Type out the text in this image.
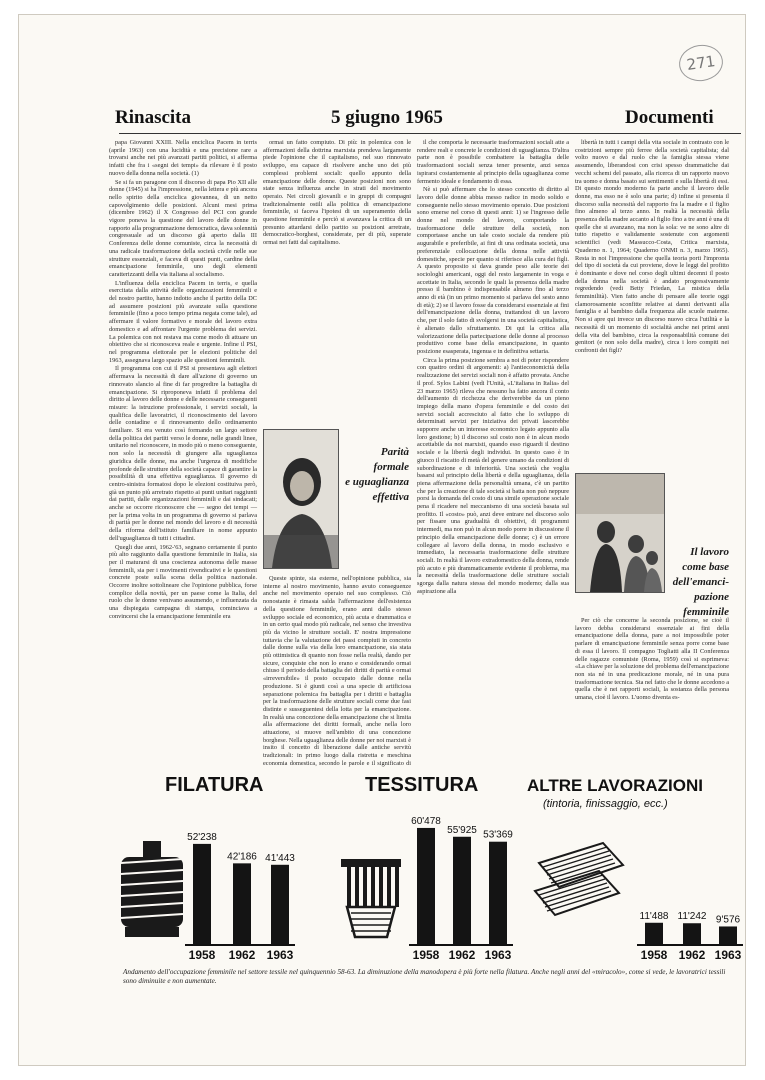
271
Rinascita	5 giugno 1965	Documenti

papa Giovanni XXIII. Nella enciclica Pacem in terris (aprile 1963) con una lucidità e una precisione rare a trovarsi anche nei più avanzati partiti politici, si afferma infatti che fra i «segni dei tempi» da rilevare è il posto nuovo della donna nella società. (1)

Se si fa un paragone con il discorso di papa Pio XII alle donne (1945) si ha l'impressione, nella lettera e più ancora nello spirito della enciclica giovannea, di un netto capovolgimento delle posizioni. Alcuni mesi prima (dicembre 1962) il X Congresso del PCI con grande vigore poneva la questione del lavoro delle donne in rapporto alla programmazione democratica, dava solennità congressuale ad un discorso già aperto dalla III Conferenza delle donne comuniste, circa la necessità di una radicale trasformazione della società civile nelle sue strutture essenziali, e faceva di questi punti, cardine della emancipazione femminile, uno degli elementi caratterizzanti della via italiana al socialismo.

L'influenza della enciclica Pacem in terris, e quella esercitata dalla attività delle organizzazioni femminili e del nostro partito, hanno indotto anche il partito della DC ad assumere posizioni più avanzate sulla questione femminile (fino a poco tempo prima negata come tale), ad affermare il valore formativo e morale del lavoro extra domestico e ad affrontare l'urgente problema dei servizi. La polemica con noi restava ma come modo di attuare un obiettivo che si riconosceva reale e urgente. Infine il PSI, nel programma elettorale per le elezioni politiche del 1963, assegnava largo spazio alle questioni femminili.

Il programma con cui il PSI si presentava agli elettori affermava la necessità di dare all'azione di governo un rinnovato slancio al fine di far progredire la battaglia di emancipazione. Si riproponeva infatti il problema del diritto al lavoro delle donne e delle necessarie conseguenti misure: la istruzione professionale, i servizi sociali, la qualifica delle lavoratrici, il riconoscimento del lavoro delle contadine e il rinnovamento dello ordinamento familiare. Si era venuto così formando un largo settore della politica dei partiti verso le donne, nelle grandi linee, unitario nel riconoscere, in modo più o meno conseguente, non solo la necessità di giungere alla uguaglianza giuridica delle donne, ma anche l'urgenza di modifiche profonde delle strutture della società capace di garantire la possibilità di una effettiva eguaglianza. Il governo di centro-sinistra formatosi dopo le elezioni costituiva però, già un punto più arretrato rispetto ai punti unitari raggiunti dai partiti, dalle organizzazioni femminili e dai sindacati; anche se occorre riconoscere che — segno dei tempi — per la prima volta in un programma di governo si parlava di parità per le donne nel mondo del lavoro e di necessità della riforma dell'istituto familiare in nome appunto dell'uguaglianza di tutti i cittadini.

Quegli due anni, 1962-'63, segnano certamente il punto più alto raggiunto dalla questione femminile in Italia, sia per il maturarsi di una coscienza autonoma delle masse femminili, sia per i movimenti rivendicativi e le questioni concrete poste sulla scena della politica nazionale. Occorre inoltre sottolineare che l'opinione pubblica, forse complice della novità, per un paese come la Italia, del ruolo che le donne venivano assumendo, e influenzata da una dispiegata campagna di stampa, cominciava a convincersi che la emancipazione femminile era

ormai un fatto compiuto. Di più: in polemica con le affermazioni della dottrina marxista prendeva largamente piede l'opinione che il capitalismo, nel suo rinnovato sviluppo, era capace di risolvere anche uno dei più complessi problemi sociali: quello appunto della emancipazione delle donne. Queste posizioni non sono state senza influenza anche in strati del movimento operaio. Nei circoli giovanili e in gruppi di compagni tradizionalmente ostili alla politica di emancipazione femminile, si faceva l'ipotesi di un superamento della questione femminile e perciò si avanzava la critica di un presunto attardarsi dello partito su posizioni arretrate, democratico-borghesi, considerate, per di più, superate ormai nei fatti dal capitalismo.

Parità
formale
e uguaglianza
effettiva

Queste spinte, sia esterne, nell'opinione pubblica, sia interne al nostro movimento, hanno avuto conseguenze anche nel movimento operaio nel suo complesso. Ciò nonostante è rimasta salda l'affermazione dell'esistenza della questione femminile, erano anni dallo stesso sviluppo sociale ed economico, più acuta e drammatica e in un certo qual modo più radicale, nel senso che investiva più da vicino le strutture sociali. E' nostra impressione tuttavia che la valutazione dei passi compiuti in concreto dalle donne sulla via della loro emancipazione, sia stata più ottimistica di quanto non fosse nella realtà, dando per sicure, conquiste che non lo erano e considerando ormai chiuso il periodo della battaglia dei diritti di parità e ormai «irreversibile» il posto occupato dalle donne nella produzione. Si è giunti così a una specie di artificiosa separazione polemica fra battaglia per i diritti e battaglia per la trasformazione delle strutture sociali come due fasi distinte e susseguentesi della lotta per la emancipazione. In realtà una concezione della emancipazione che si limita alla affermazione dei diritti formali, anche nella loro attuazione, si muove nell'ambito di una concezione borghese. Nella uguaglianza delle donne per noi marxisti è insito il concetto di liberazione dalle antiche servitù tradizionali: in primo luogo dalla ristretta e meschina economia domestica, secondo le parole e il significato di

il che comporta le necessarie trasformazioni sociali atte a rendere reali e concrete le condizioni di uguaglianza. D'altra parte non è possibile combattere la battaglia delle trasformazioni sociali senza tener presente, anzi senza ispirarsi costantemente al principio della uguaglianza come fermento ideale e fondamento di essa.

Nè si può affermare che lo stesso concetto di diritto al lavoro delle donne abbia messo radice in modo solido e conseguente nello stesso movimento operaio. Due posizioni sono emerse nel corso di questi anni: 1) se l'ingresso delle donne nel mondo del lavoro, comportando la trasformazione delle strutture della società, non comportasse anche un tale costo sociale da rendere più augurabile e preferibile, ai fini di una ordinata società, una preferenziale collocazione della donna nelle attività domestiche, specie per quanto si riferisce alla cura dei figli. A questo proposito si dava grande peso alle teorie dei sociologhi americani, oggi del resto largamente in voga e accettate in Italia, secondo le quali la presenza della madre presso il bambino è indispensabile almeno fino al terzo anno di età (in un primo momento si parlava del sesto anno di età); 2) se il lavoro fosse da considerarsi essenziale ai fini dell'emancipazione della donna, trattandosi di un lavoro che, per il solo fatto di svolgersi in una società capitalistica, è alienato dallo sfruttamento. Di qui la critica alla valorizzazione della partecipazione delle donne al processo produttivo come base della emancipazione, in quanto posizione esasperata, ingenua e in definitiva settaria.

Circa la prima posizione sembra a noi di poter rispondere con quattro ordini di argomenti: a) l'antieconomicità della realizzazione dei servizi sociali non è affatto provata. Anche il prof. Sylos Labini (vedi l'Unità, «L'italiana in Italia» del 23 marzo 1965) rileva che nessuno ha fatto ancora il conto dell'aumento di ricchezza che deriverebbe da un pieno impiego della mano d'opera femminile e del costo dei servizi sociali accresciuto al fatto che lo sviluppo di determinati servizi per iniziativa dei privati lascerebbe supporre anche un interesse economico legato appunto alla loro gestione; b) il discorso sul costo non è in alcun modo accettabile da noi marxisti, quando esso riguardi il destino sociale e la libertà degli individui. In questo caso è in giuoco il riscatto di metà del genere umano da condizioni di subordinazione e di inferiorità. Una società che voglia basarsi sul principio della libertà e della uguaglianza, della piena affermazione della personalità umana, c'è un partito che per la creazione di tale società si batta non può neppure porsi la domanda del costo di una simile operazione sociale pena il ricadere nel meccanismo di una società basata sul profitto. Il «costo» può, anzi deve entrare nel discorso solo per fissare una gradualità di obiettivi, di programmi intermedi, ma non può in alcun modo porre in discussione il principio della emancipazione delle donne; c) è un errore collegare al lavoro della donna, in modo esclusivo e immediato, la necessaria trasformazione delle strutture sociali. In realtà il lavoro extradomestico della donna, rende più acuto e più drammaticamente evidente il problema, ma la necessità della trasformazione delle strutture sociali sgorga dalla natura stessa del mondo moderno; dalla sua aspirazione alla

libertà in tutti i campi della vita sociale in contrasto con le costrizioni sempre più ferree della società capitalista; dal volto nuovo e dal ruolo che la famiglia stessa viene assumendo, liberandosi con crisi spesso drammatiche dai vecchi schemi del passato, alla ricerca di un rapporto nuovo tra uomo e donna basato sui sentimenti e sulla libertà di essi. Di questo mondo moderno fa parte anche il lavoro delle donne, ma esso ne è solo una parte; d) infine si presenta il discorso sulla necessità del rapporto fra la madre e il figlio fino almeno al terzo anno. In realtà la necessità della presenza della madre accanto al figlio fino a tre anni è una di quelle che si avanzano, ma non la sola: ve ne sono altre di tutto rispetto e validamente sostenute con argomenti scientifici (vedi Massucco-Costa, Critica marxista, Quaderno n. 1, 1964; Quaderno ONMI n. 3, marzo 1965). Resta in noi l'impressione che quella teoria porti l'impronta del tipo di società da cui proviene, dove le leggi del profitto è dominante e dove nel corso degli ultimi decenni il posto della donna nella società è andato progressivamente regredendo (vedi Betty Friedan, La mistica della femminilità). Vien fatto anche di pensare alle teorie oggi clamorosamente sconfitte relative ai danni derivanti alla famiglia e al bambino dalla frequenza alle scuole materne. Non si apre qui invece un discorso nuovo circa l'utilità e la necessità di un momento di socialità anche nei primi anni della vita del bambino, circa la responsabilità comune dei genitori (e non solo della madre), circa i loro compiti nei confronti dei figli?

Il lavoro
come base
dell'emanci-
pazione
femminile

Per ciò che concerne la seconda posizione, se cioè il lavoro debba considerarsi essenziale ai fini della emancipazione della donna, pare a noi impossibile poter parlare di emancipazione femminile senza porre come base di essa il lavoro. Il compagno Togliatti alla II Conferenza delle ragazze comuniste (Roma, 1959) così si esprimeva: «La chiave per la soluzione del problema dell'emancipazione non sta né in una predicazione morale, né in una pura trasformazione tecnica. Sta nel fatto che le donne accedono a quella che è nei rapporti sociali, la sostanza della persona umana, cioè il lavoro. L'uomo diventa es-

FILATURA
52'238
1958
42'186
1962
41'443
1963
TESSITURA
60'478
1958
55'925
1962
53'369
1963
ALTRE LAVORAZIONI
(tintoria, finissaggio, ecc.)
11'488
1958
11'242
1962
9'576
1963
Andamento dell'occupazione femminile nel settore tessile nel quinquennio 58-63. La diminuzione della manodopera è più forte nella filatura. Anche negli anni del «miracolo», come si vede, le lavoratrici tessili sono diminuite e non aumentate.
